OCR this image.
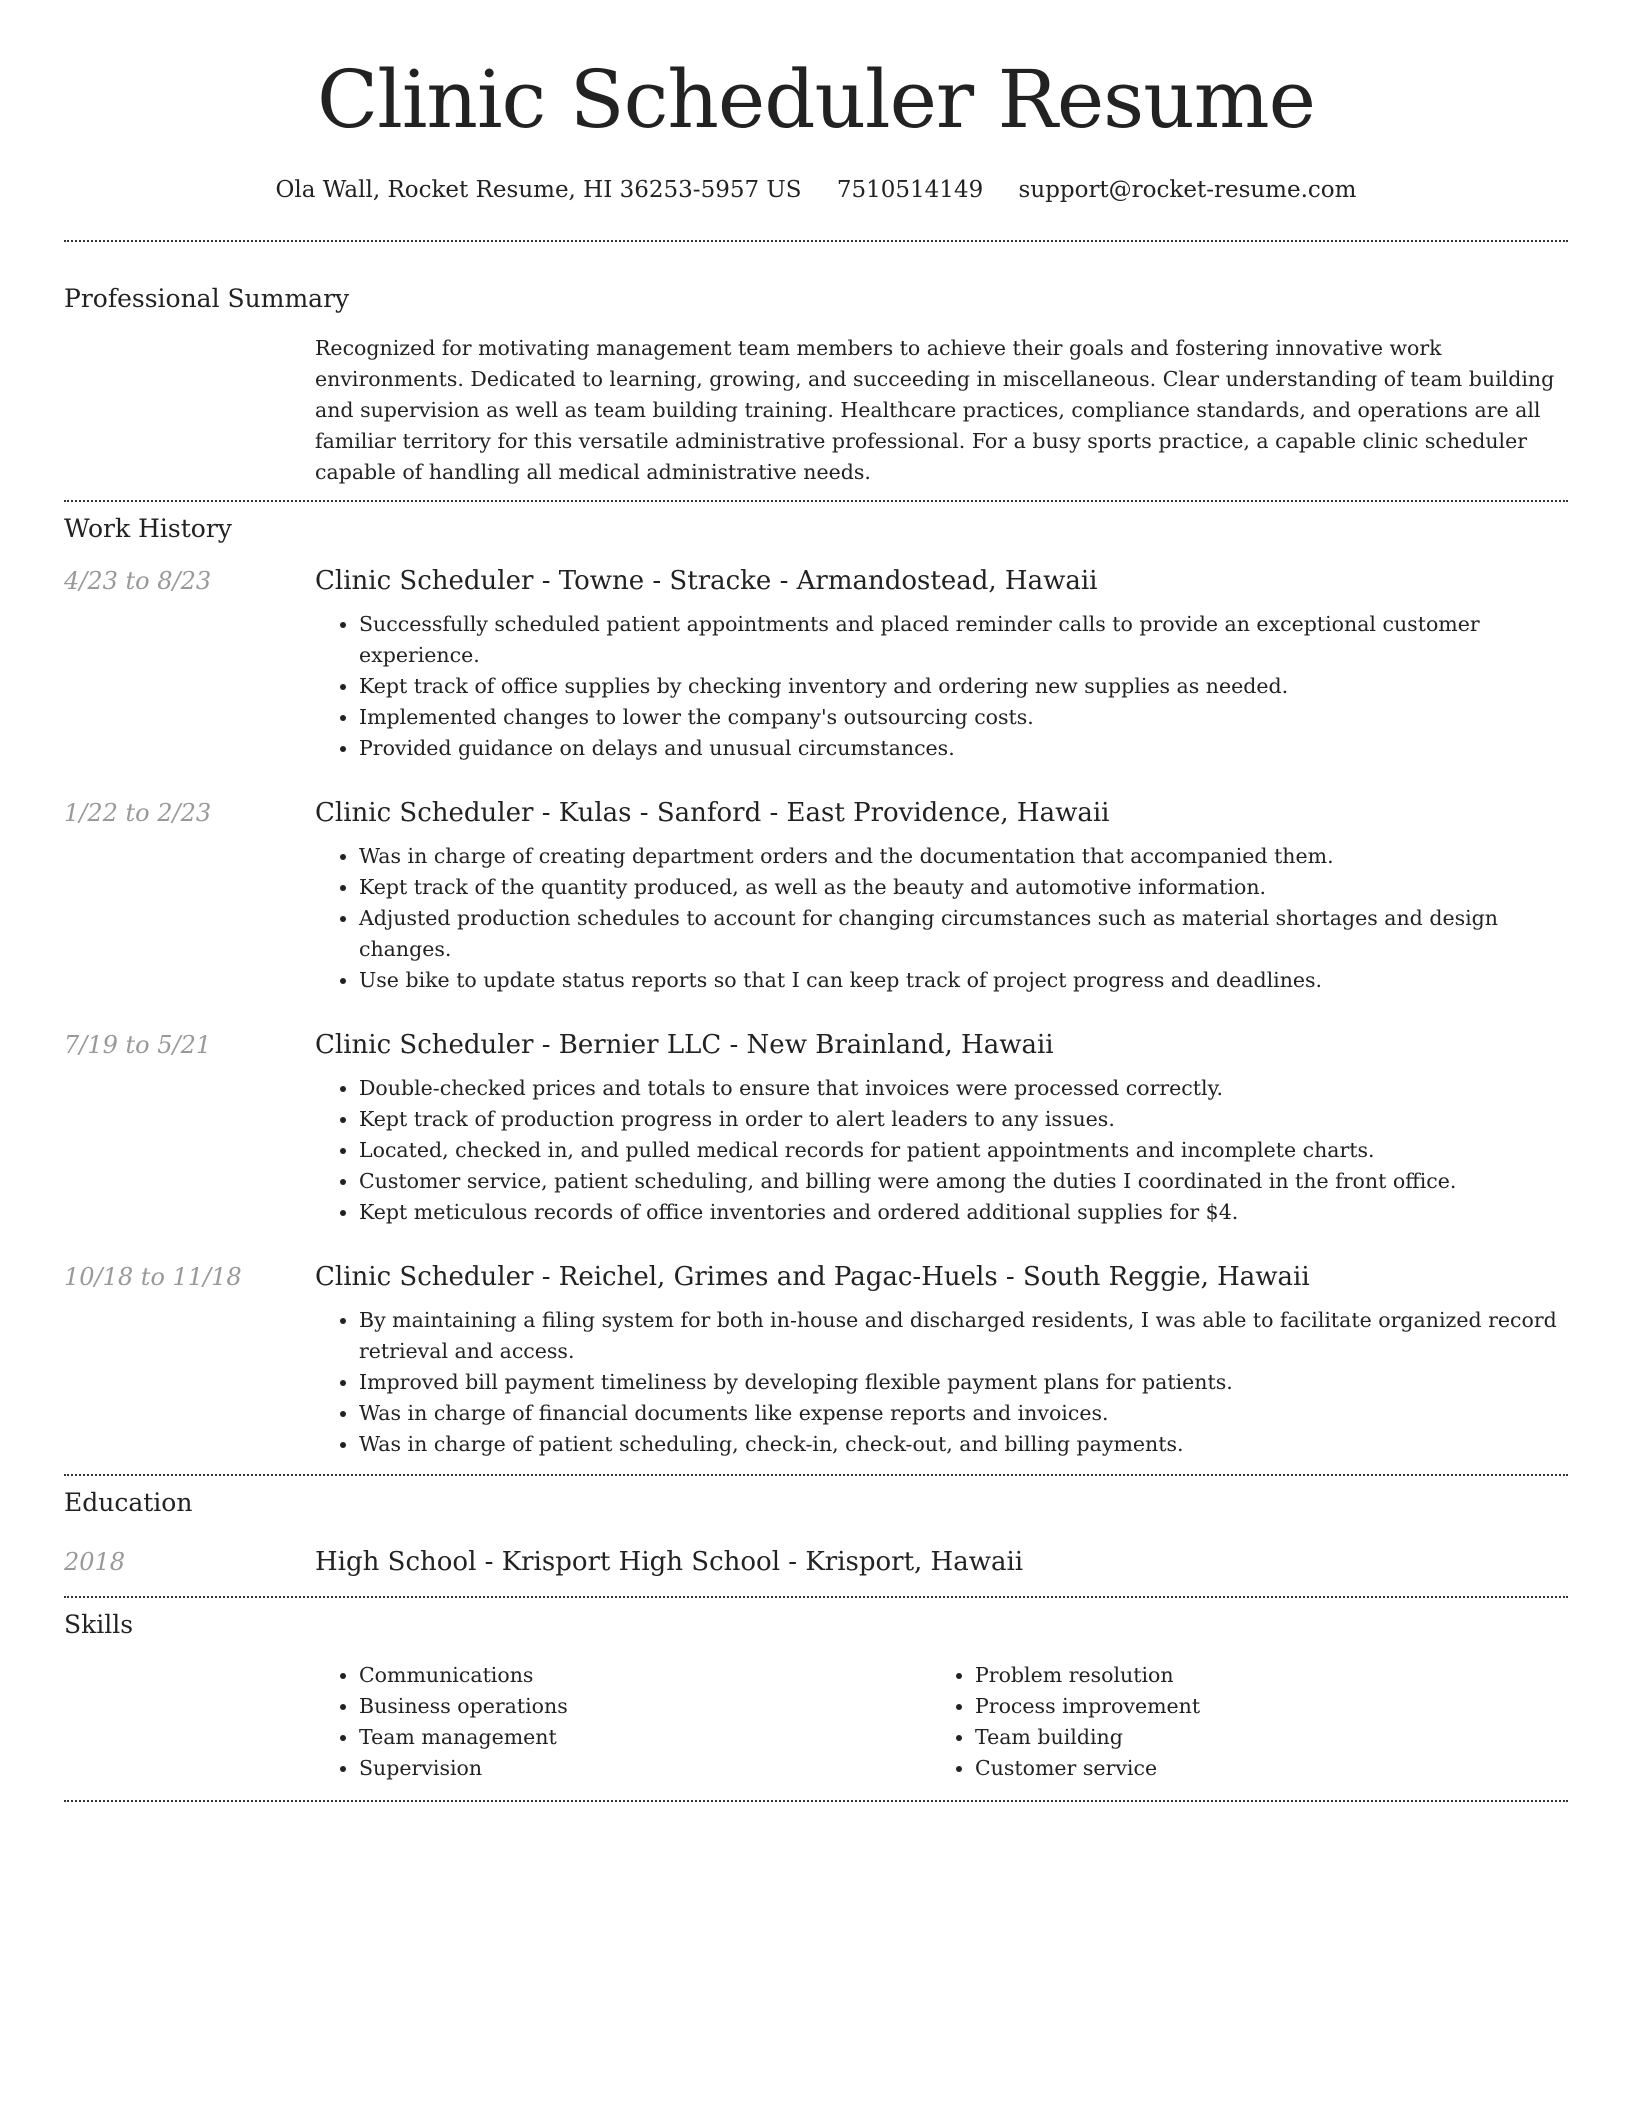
Clinic Scheduler Resume
Ola Wall, Rocket Resume, HI 36253-5957 US 7510514149 support@rocket-resume.com
Professional Summary
Recognized for motivating management team members to achieve their goals and fostering innovative work environments. Dedicated to learning, growing, and succeeding in miscellaneous. Clear understanding of team building and supervision as well as team building training. Healthcare practices, compliance standards, and operations are all familiar territory for this versatile administrative professional. For a busy sports practice, a capable clinic scheduler capable of handling all medical administrative needs.
Work History
4/23 to 8/23	Clinic Scheduler - Towne - Stracke - Armandostead, Hawaii
• Successfully scheduled patient appointments and placed reminder calls to provide an exceptional customer experience.
• Kept track of office supplies by checking inventory and ordering new supplies as needed.
• Implemented changes to lower the company's outsourcing costs.
• Provided guidance on delays and unusual circumstances.
1/22 to 2/23	Clinic Scheduler - Kulas - Sanford - East Providence, Hawaii
• Was in charge of creating department orders and the documentation that accompanied them.
• Kept track of the quantity produced, as well as the beauty and automotive information.
• Adjusted production schedules to account for changing circumstances such as material shortages and design changes.
• Use bike to update status reports so that I can keep track of project progress and deadlines.
7/19 to 5/21	Clinic Scheduler - Bernier LLC - New Brainland, Hawaii
• Double-checked prices and totals to ensure that invoices were processed correctly.
• Kept track of production progress in order to alert leaders to any issues.
• Located, checked in, and pulled medical records for patient appointments and incomplete charts.
• Customer service, patient scheduling, and billing were among the duties I coordinated in the front office.
• Kept meticulous records of office inventories and ordered additional supplies for $4.
10/18 to 11/18	Clinic Scheduler - Reichel, Grimes and Pagac-Huels - South Reggie, Hawaii
• By maintaining a filing system for both in-house and discharged residents, I was able to facilitate organized record retrieval and access.
• Improved bill payment timeliness by developing flexible payment plans for patients.
• Was in charge of financial documents like expense reports and invoices.
• Was in charge of patient scheduling, check-in, check-out, and billing payments.
Education
2018	High School - Krisport High School - Krisport, Hawaii
Skills
• Communications
• Business operations
• Team management
• Supervision
• Problem resolution
• Process improvement
• Team building
• Customer service
